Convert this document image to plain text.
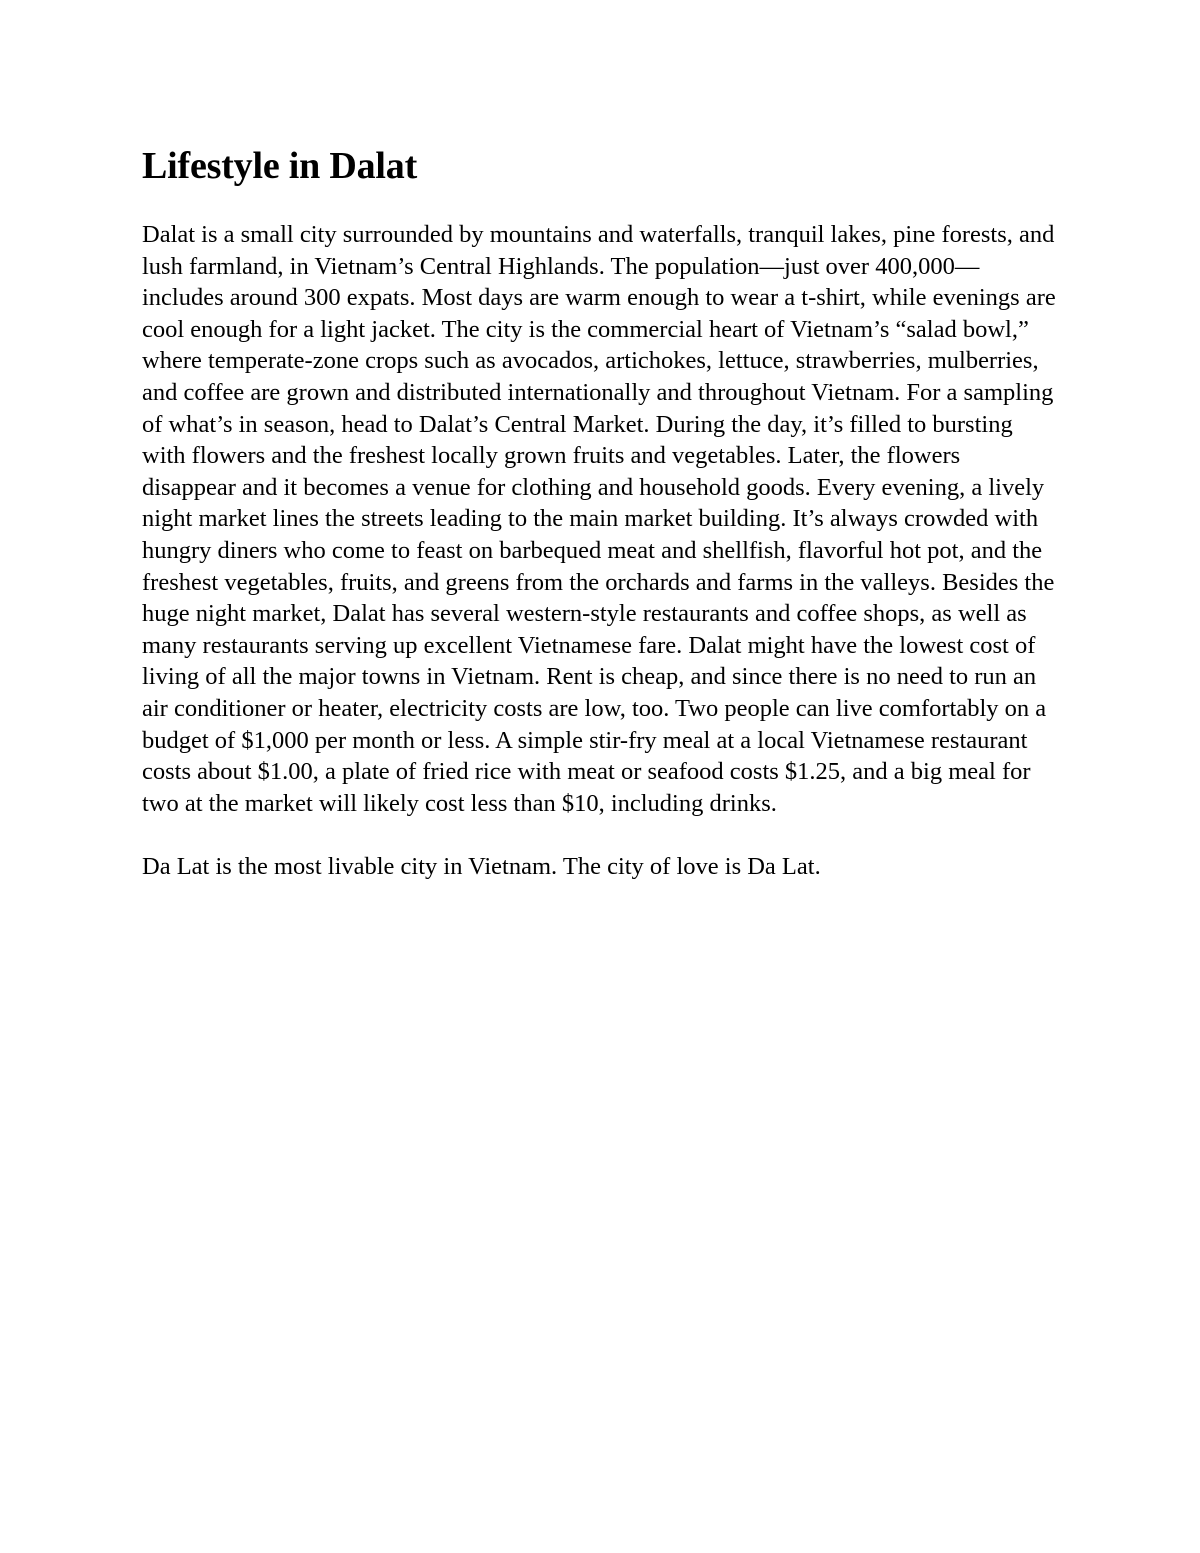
Lifestyle in Dalat

Dalat is a small city surrounded by mountains and waterfalls, tranquil lakes, pine forests, and lush farmland, in Vietnam’s Central Highlands. The population—just over 400,000—includes around 300 expats. Most days are warm enough to wear a t-shirt, while evenings are cool enough for a light jacket. The city is the commercial heart of Vietnam’s “salad bowl,” where temperate-zone crops such as avocados, artichokes, lettuce, strawberries, mulberries, and coffee are grown and distributed internationally and throughout Vietnam. For a sampling of what’s in season, head to Dalat’s Central Market. During the day, it’s filled to bursting with flowers and the freshest locally grown fruits and vegetables. Later, the flowers disappear and it becomes a venue for clothing and household goods. Every evening, a lively night market lines the streets leading to the main market building. It’s always crowded with hungry diners who come to feast on barbequed meat and shellfish, flavorful hot pot, and the freshest vegetables, fruits, and greens from the orchards and farms in the valleys. Besides the huge night market, Dalat has several western-style restaurants and coffee shops, as well as many restaurants serving up excellent Vietnamese fare. Dalat might have the lowest cost of living of all the major towns in Vietnam. Rent is cheap, and since there is no need to run an air conditioner or heater, electricity costs are low, too. Two people can live comfortably on a budget of $1,000 per month or less. A simple stir-fry meal at a local Vietnamese restaurant costs about $1.00, a plate of fried rice with meat or seafood costs $1.25, and a big meal for two at the market will likely cost less than $10, including drinks.

Da Lat is the most livable city in Vietnam. The city of love is Da Lat.
